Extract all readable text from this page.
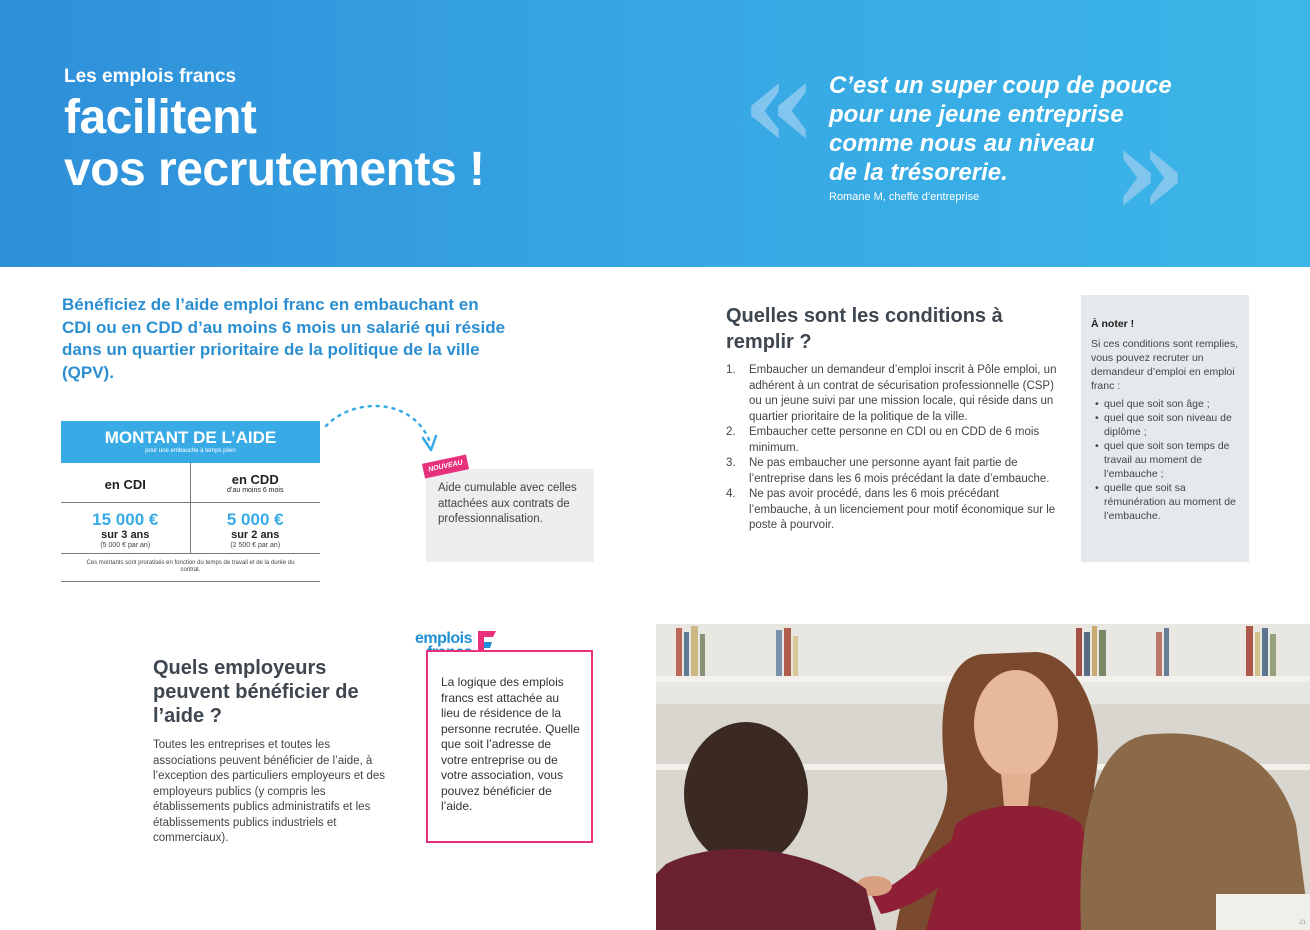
Les emplois francs
facilitent
vos recrutements ! « C’est un super coup de pouce
pour une jeune entreprise
comme nous au niveau
de la trésorerie. »
Romane M, cheffe d’entreprise

Bénéficiez de l’aide emploi franc en embauchant en CDI ou en CDD d’au moins 6 mois un salarié qui réside dans un quartier prioritaire de la politique de la ville (QPV).

MONTANT DE L’AIDE
pour une embauche à temps plein
en CDI	en CDD
d’au moins 6 mois
15 000 €
sur 3 ans
(5 000 € par an)
5 000 €
sur 2 ans
(2 500 € par an)
Ces montants sont proratisés en fonction du temps de travail et de la durée du contrat.
NOUVEAU
Aide cumulable avec celles attachées aux contrats de professionnalisation.
Quelles sont les conditions à remplir ?
1. Embaucher un demandeur d’emploi inscrit à Pôle emploi, un adhérent à un contrat de sécurisation professionnelle (CSP) ou un jeune suivi par une mission locale, qui réside dans un quartier prioritaire de la politique de la ville.
2. Embaucher cette personne en CDI ou en CDD de 6 mois minimum.
3. Ne pas embaucher une personne ayant fait partie de l’entreprise dans les 6 mois précédant la date d’embauche.
4. Ne pas avoir procédé, dans les 6 mois précédant l’embauche, à un licenciement pour motif économique sur le poste à pourvoir.
À noter !
Si ces conditions sont remplies, vous pouvez recruter un demandeur d’emploi en emploi franc :
• quel que soit son âge ;
• quel que soit son niveau de diplôme ;
• quel que soit son temps de travail au moment de l’embauche ;
• quelle que soit sa rémunération au moment de l’embauche.
Quels employeurs peuvent bénéficier de l’aide ?

Toutes les entreprises et toutes les associations peuvent bénéficier de l’aide, à l’exception des particuliers employeurs et des employeurs publics (y compris les établissements publics administratifs et les établissements publics industriels et commerciaux).

emplois
La logique des emplois francs est attachée au lieu de résidence de la personne recrutée. Quelle que soit l’adresse de votre entreprise ou de votre association, vous pouvez bénéficier de l’aide.
21
